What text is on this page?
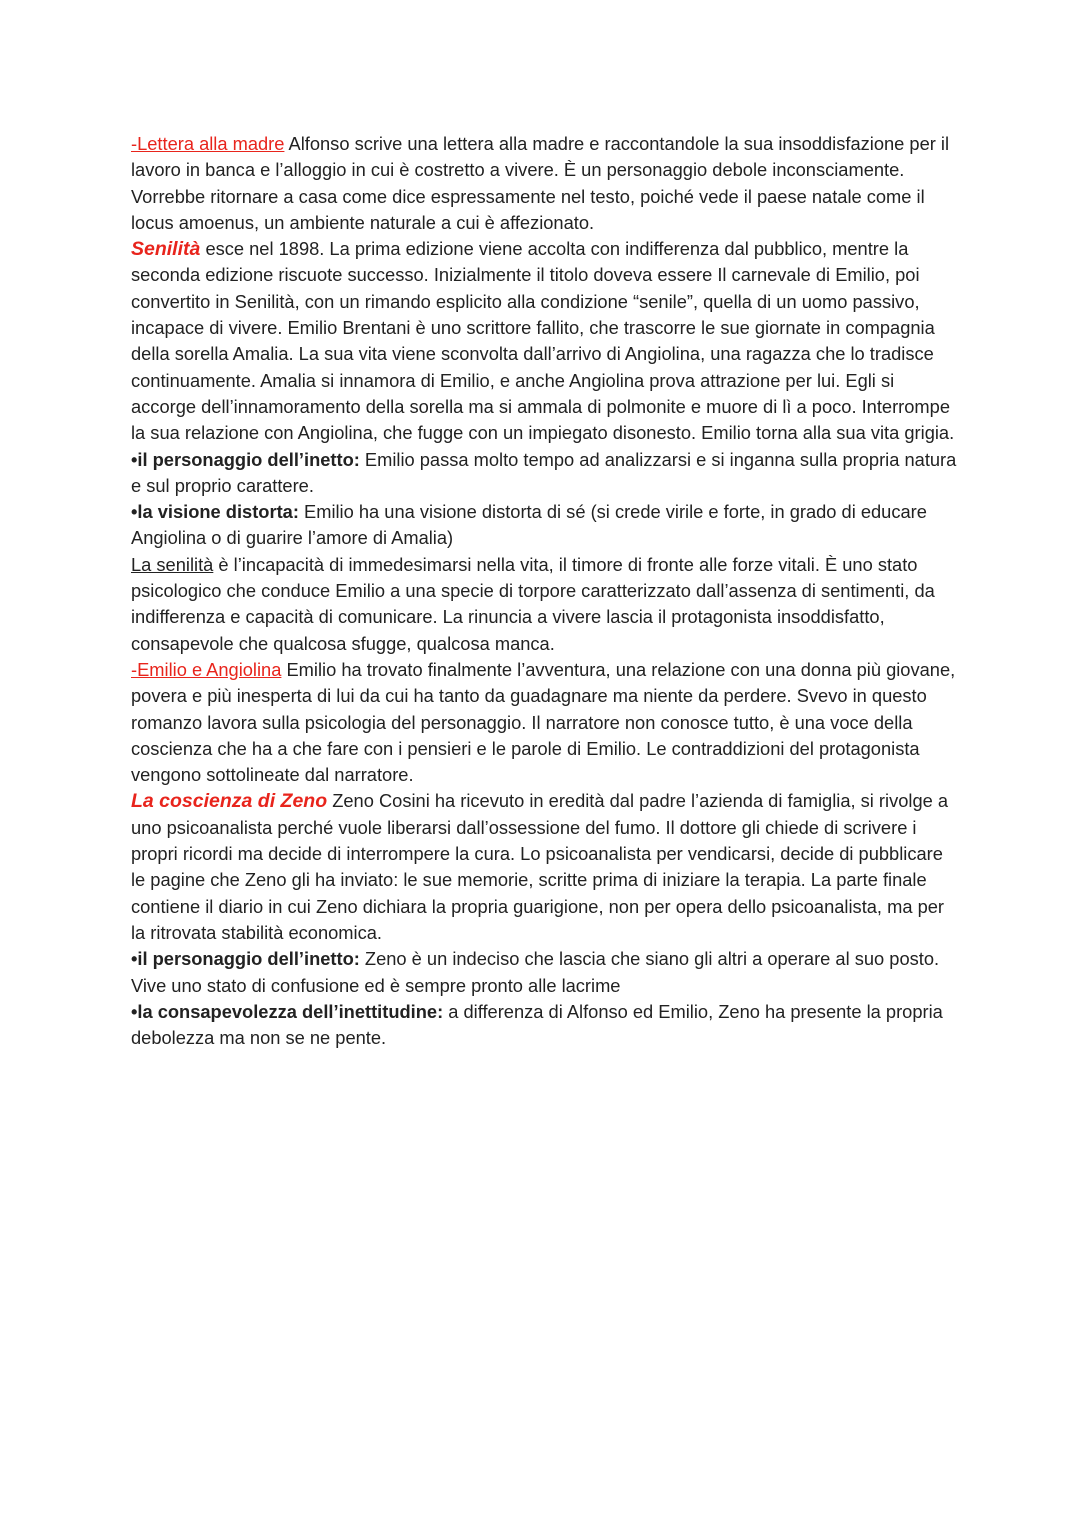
-Lettera alla madre Alfonso scrive una lettera alla madre e raccontandole la sua insoddisfazione per il lavoro in banca e l’alloggio in cui è costretto a vivere. È un personaggio debole inconsciamente. Vorrebbe ritornare a casa come dice espressamente nel testo, poiché vede il paese natale come il locus amoenus, un ambiente naturale a cui è affezionato.

Senilità esce nel 1898. La prima edizione viene accolta con indifferenza dal pubblico, mentre la seconda edizione riscuote successo. Inizialmente il titolo doveva essere Il carnevale di Emilio, poi convertito in Senilità, con un rimando esplicito alla condizione “senile”, quella di un uomo passivo, incapace di vivere. Emilio Brentani è uno scrittore fallito, che trascorre le sue giornate in compagnia della sorella Amalia. La sua vita viene sconvolta dall’arrivo di Angiolina, una ragazza che lo tradisce continuamente. Amalia si innamora di Emilio, e anche Angiolina prova attrazione per lui. Egli si accorge dell’innamoramento della sorella ma si ammala di polmonite e muore di lì a poco. Interrompe la sua relazione con Angiolina, che fugge con un impiegato disonesto. Emilio torna alla sua vita grigia.

•il personaggio dell’inetto: Emilio passa molto tempo ad analizzarsi e si inganna sulla propria natura e sul proprio carattere.

•la visione distorta: Emilio ha una visione distorta di sé (si crede virile e forte, in grado di educare Angiolina o di guarire l’amore di Amalia)

La senilità è l’incapacità di immedesimarsi nella vita, il timore di fronte alle forze vitali. È uno stato psicologico che conduce Emilio a una specie di torpore caratterizzato dall’assenza di sentimenti, da indifferenza e capacità di comunicare. La rinuncia a vivere lascia il protagonista insoddisfatto, consapevole che qualcosa sfugge, qualcosa manca.

-Emilio e Angiolina Emilio ha trovato finalmente l’avventura, una relazione con una donna più giovane, povera e più inesperta di lui da cui ha tanto da guadagnare ma niente da perdere. Svevo in questo romanzo lavora sulla psicologia del personaggio. Il narratore non conosce tutto, è una voce della coscienza che ha a che fare con i pensieri e le parole di Emilio. Le contraddizioni del protagonista vengono sottolineate dal narratore.

La coscienza di Zeno Zeno Cosini ha ricevuto in eredità dal padre l’azienda di famiglia, si rivolge a uno psicoanalista perché vuole liberarsi dall’ossessione del fumo. Il dottore gli chiede di scrivere i propri ricordi ma decide di interrompere la cura. Lo psicoanalista per vendicarsi, decide di pubblicare le pagine che Zeno gli ha inviato: le sue memorie, scritte prima di iniziare la terapia. La parte finale contiene il diario in cui Zeno dichiara la propria guarigione, non per opera dello psicoanalista, ma per la ritrovata stabilità economica.

•il personaggio dell’inetto: Zeno è un indeciso che lascia che siano gli altri a operare al suo posto. Vive uno stato di confusione ed è sempre pronto alle lacrime

•la consapevolezza dell’inettitudine: a differenza di Alfonso ed Emilio, Zeno ha presente la propria debolezza ma non se ne pente.
